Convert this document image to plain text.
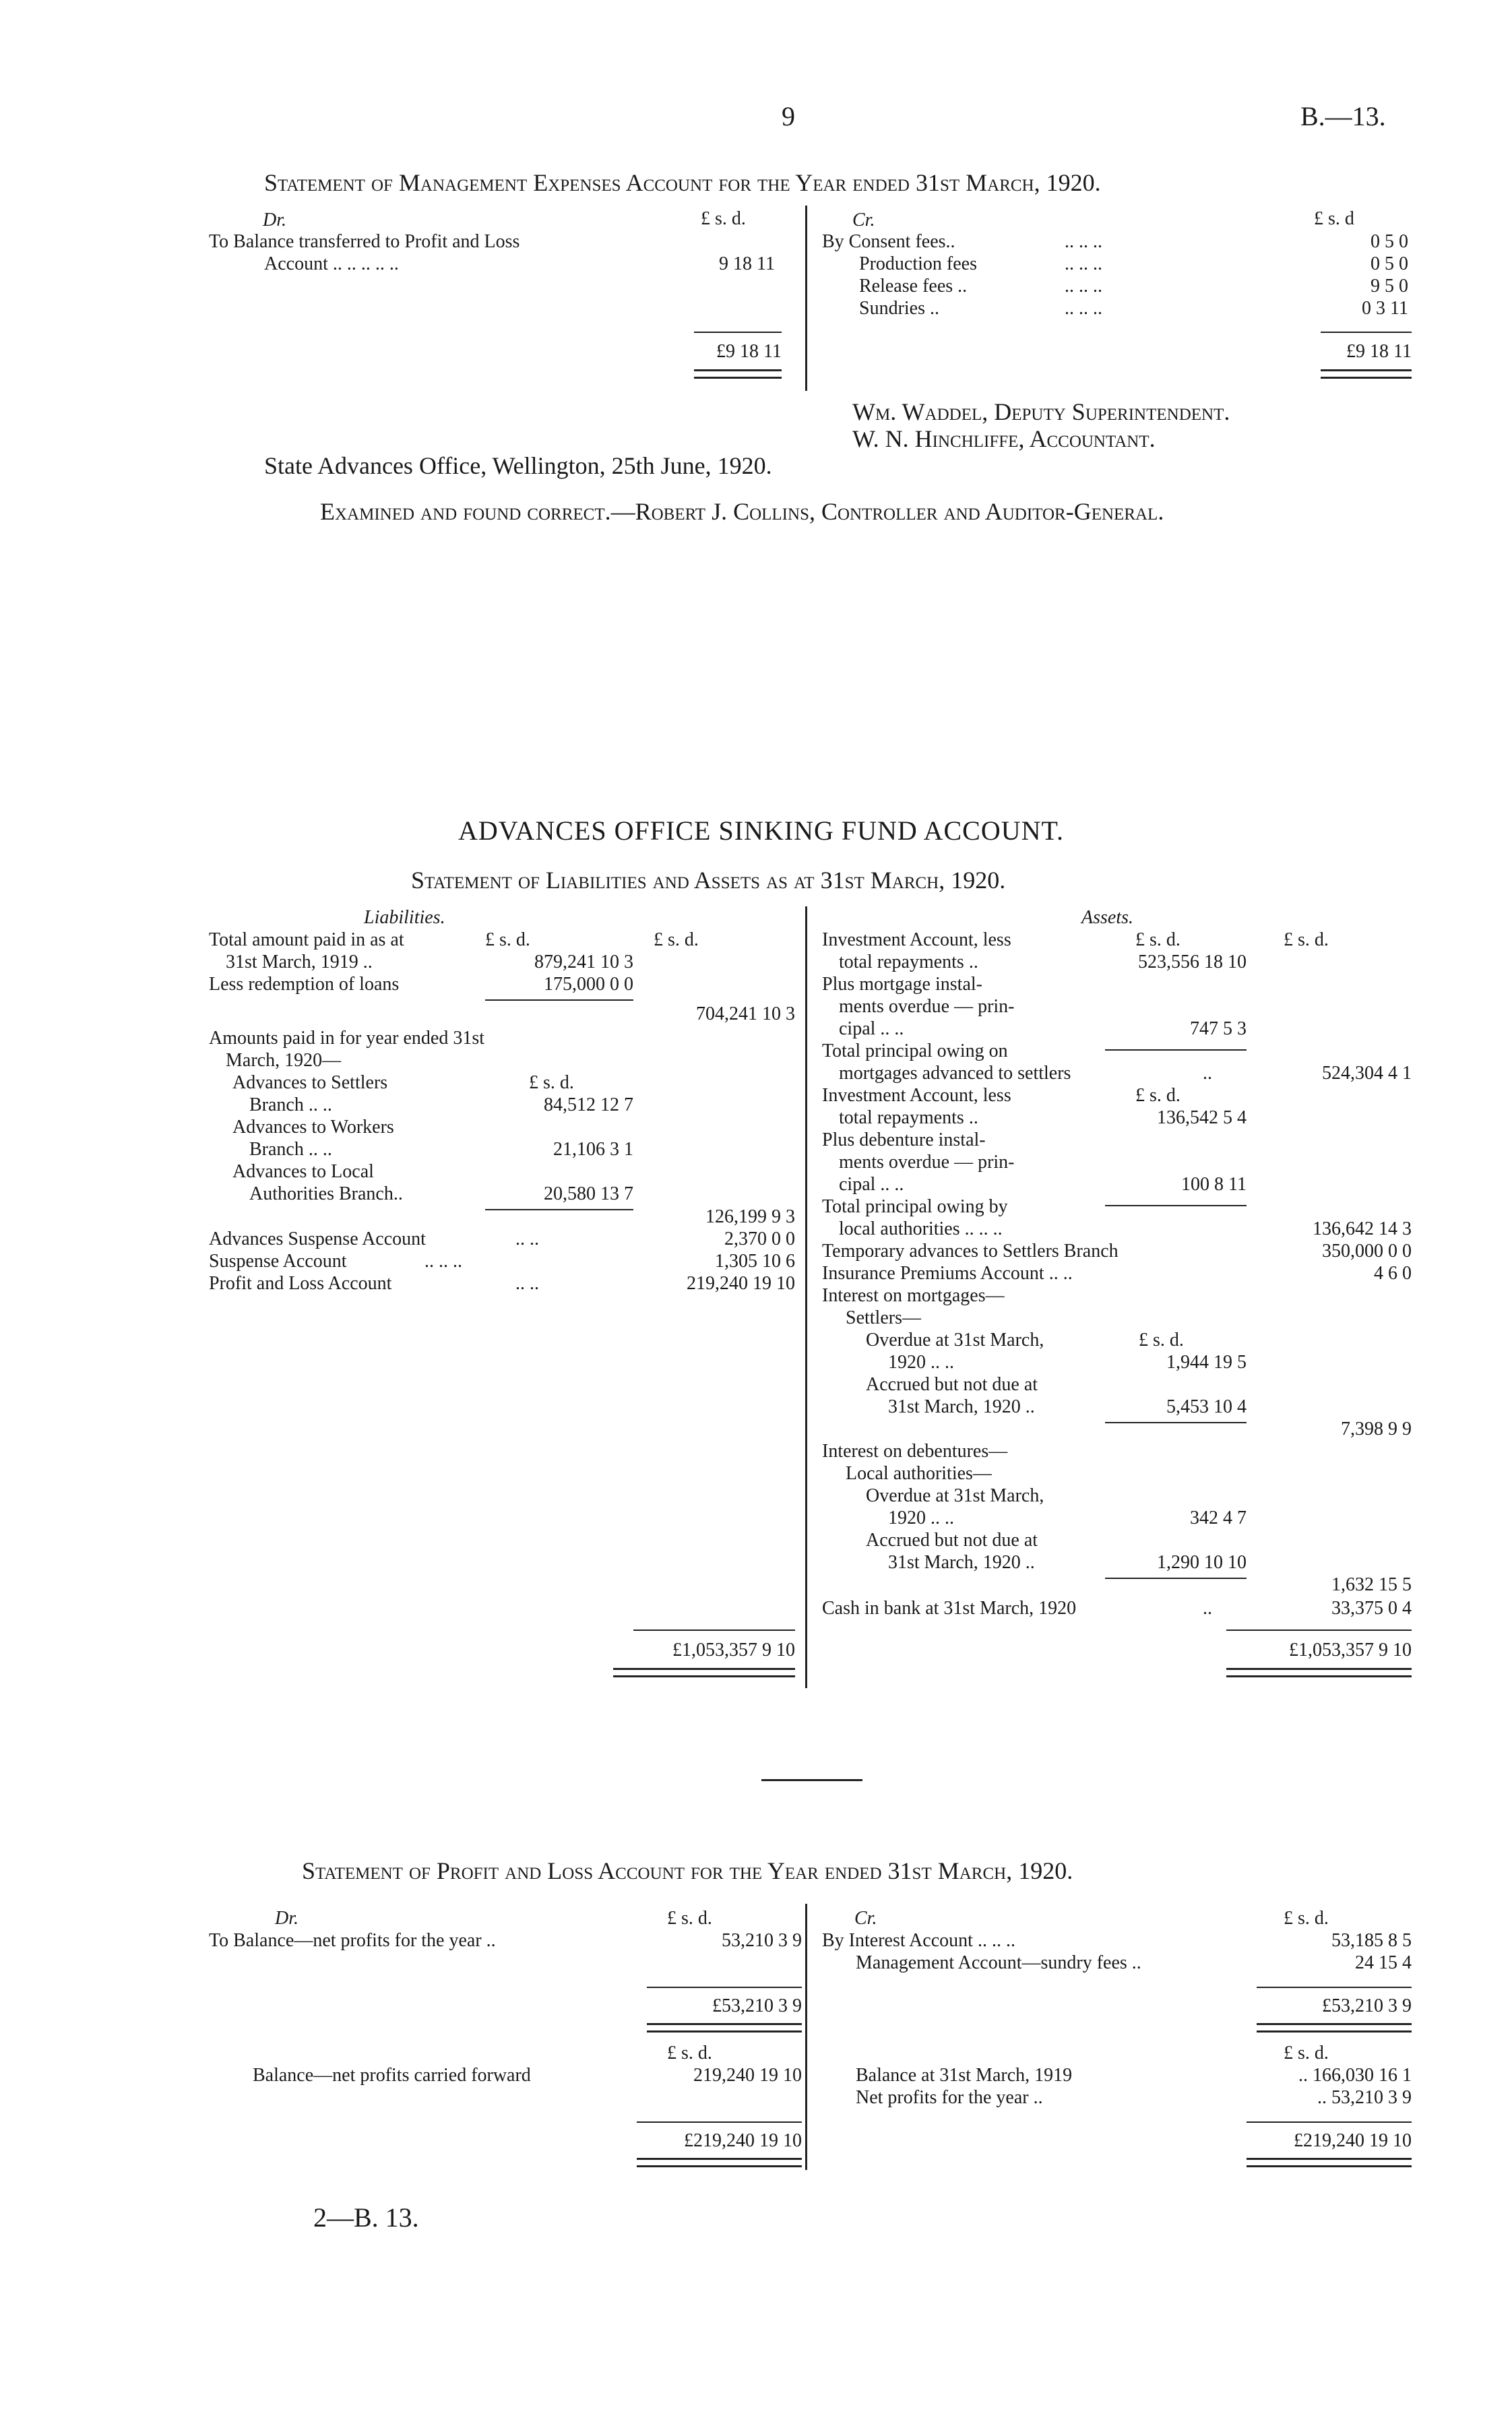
9	B.—13.
Statement of Management Expenses Account for the Year ended 31st March, 1920.
Dr.	£ s. d.
To Balance transferred to Profit and Loss
Account .. .. .. .. ..	9 18 11
£9 18 11
Cr.	£ s. d
By Consent fees..	.. .. ..	0 5 0
Production fees	.. .. ..	0 5 0
Release fees ..	.. .. ..	9 5 0
Sundries ..	.. .. ..	0 3 11
£9 18 11
Wm. Waddel, Deputy Superintendent.
W. N. Hinchliffe, Accountant.
State Advances Office, Wellington, 25th June, 1920.
Examined and found correct.—Robert J. Collins, Controller and Auditor-General.
ADVANCES OFFICE SINKING FUND ACCOUNT.
Statement of Liabilities and Assets as at 31st March, 1920.
Liabilities.	Assets.
Total amount paid in as at	£ s. d.	£ s. d.
31st March, 1919 ..	879,241 10 3
Less redemption of loans	175,000 0 0
704,241 10 3
Amounts paid in for year ended 31st
March, 1920—
Advances to Settlers	£ s. d.
Branch .. ..	84,512 12 7
Advances to Workers
Branch .. ..	21,106 3 1
Advances to Local
Authorities Branch..	20,580 13 7
126,199 9 3
Advances Suspense Account	.. ..	2,370 0 0
Suspense Account	.. .. ..	1,305 10 6
Profit and Loss Account	.. ..	219,240 19 10
£1,053,357 9 10
Investment Account, less	£ s. d.	£ s. d.
total repayments ..	523,556 18 10
Plus mortgage instal-
ments overdue — prin-
cipal .. ..	747 5 3
Total principal owing on
mortgages advanced to settlers	..	524,304 4 1
Investment Account, less	£ s. d.
total repayments ..	136,542 5 4
Plus debenture instal-
ments overdue — prin-
cipal .. ..	100 8 11
Total principal owing by
local authorities .. .. ..	136,642 14 3
Temporary advances to Settlers Branch	350,000 0 0
Insurance Premiums Account .. ..	4 6 0
Interest on mortgages—
Settlers—
Overdue at 31st March,	£ s. d.
1920 .. ..	1,944 19 5
Accrued but not due at
31st March, 1920 ..	5,453 10 4
7,398 9 9
Interest on debentures—
Local authorities—
Overdue at 31st March,
1920 .. ..	342 4 7
Accrued but not due at
31st March, 1920 ..	1,290 10 10
1,632 15 5
Cash in bank at 31st March, 1920	..	33,375 0 4
£1,053,357 9 10
Statement of Profit and Loss Account for the Year ended 31st March, 1920.
Dr.	£ s. d.	Cr.	£ s. d.
To Balance—net profits for the year ..	53,210 3 9 By Interest Account .. .. ..	53,185 8 5
Management Account—sundry fees ..	24 15 4
£53,210 3 9	£53,210 3 9
£ s. d.	£ s. d.
Balance—net profits carried forward	219,240 19 10	Balance at 31st March, 1919	.. 166,030 16 1
Net profits for the year ..	.. 53,210 3 9
£219,240 19 10	£219,240 19 10
2—B. 13.
